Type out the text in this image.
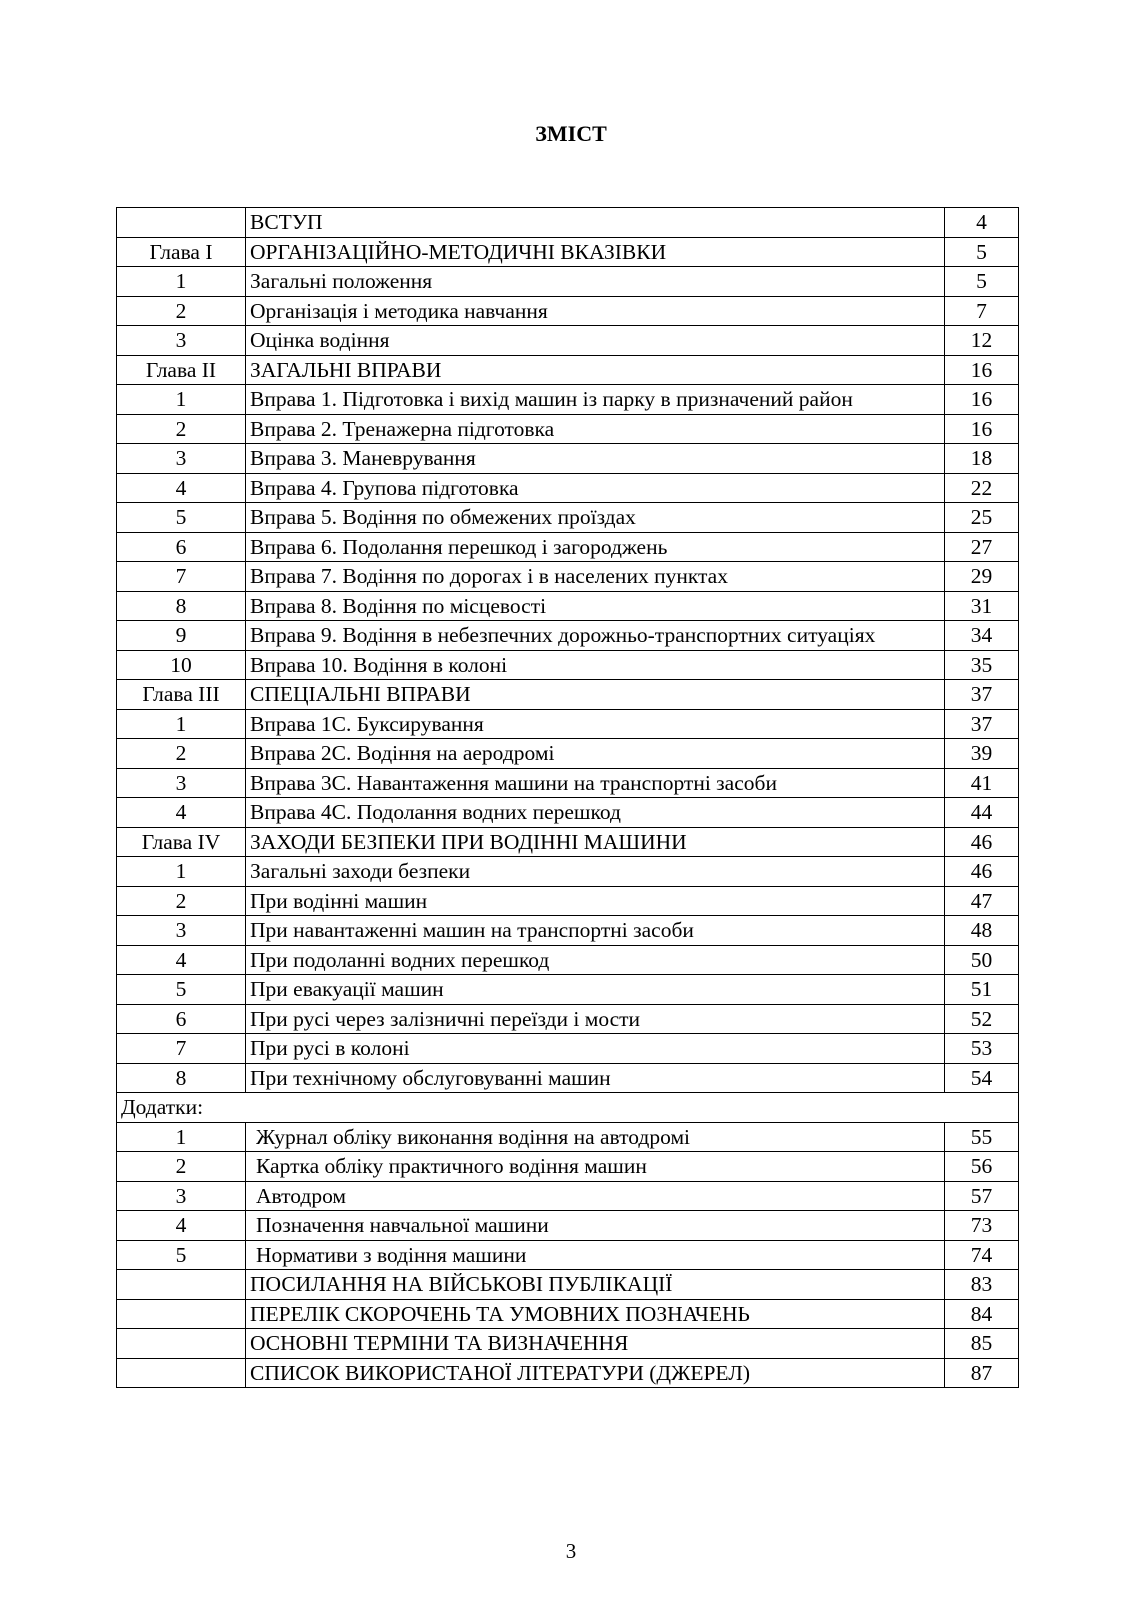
ЗМІСТ
	ВСТУП	4
Глава I	ОРГАНІЗАЦІЙНО-МЕТОДИЧНІ ВКАЗІВКИ	5
1	Загальні положення	5
2	Організація і методика навчання	7
3	Оцінка водіння	12
Глава II	ЗАГАЛЬНІ ВПРАВИ	16
1	Вправа 1. Підготовка і вихід машин із парку в призначений район	16
2	Вправа 2. Тренажерна підготовка	16
3	Вправа 3. Маневрування	18
4	Вправа 4. Групова підготовка	22
5	Вправа 5. Водіння по обмежених проїздах	25
6	Вправа 6. Подолання перешкод і загороджень	27
7	Вправа 7. Водіння по дорогах і в населених пунктах	29
8	Вправа 8. Водіння по місцевості	31
9	Вправа 9. Водіння в небезпечних дорожньо-транспортних ситуаціях	34
10	Вправа 10. Водіння в колоні	35
Глава III	СПЕЦІАЛЬНІ ВПРАВИ	37
1	Вправа 1С. Буксирування	37
2	Вправа 2С. Водіння на аеродромі	39
3	Вправа 3С. Навантаження машини на транспортні засоби	41
4	Вправа 4С. Подолання водних перешкод	44
Глава IV	ЗАХОДИ БЕЗПЕКИ ПРИ ВОДІННІ МАШИНИ	46
1	Загальні заходи безпеки	46
2	При водінні машин	47
3	При навантаженні машин на транспортні засоби	48
4	При подоланні водних перешкод	50
5	При евакуації машин	51
6	При русі через залізничні переїзди і мости	52
7	При русі в колоні	53
8	При технічному обслуговуванні машин	54
Додатки:		
1	Журнал обліку виконання водіння на автодромі	55
2	Картка обліку практичного водіння машин	56
3	Автодром	57
4	Позначення навчальної машини	73
5	Нормативи з водіння машини	74
	ПОСИЛАННЯ НА ВІЙСЬКОВІ ПУБЛІКАЦІЇ	83
	ПЕРЕЛІК СКОРОЧЕНЬ ТА УМОВНИХ ПОЗНАЧЕНЬ	84
	ОСНОВНІ ТЕРМІНИ ТА ВИЗНАЧЕННЯ	85
	СПИСОК ВИКОРИСТАНОЇ ЛІТЕРАТУРИ (ДЖЕРЕЛ)	87
3
